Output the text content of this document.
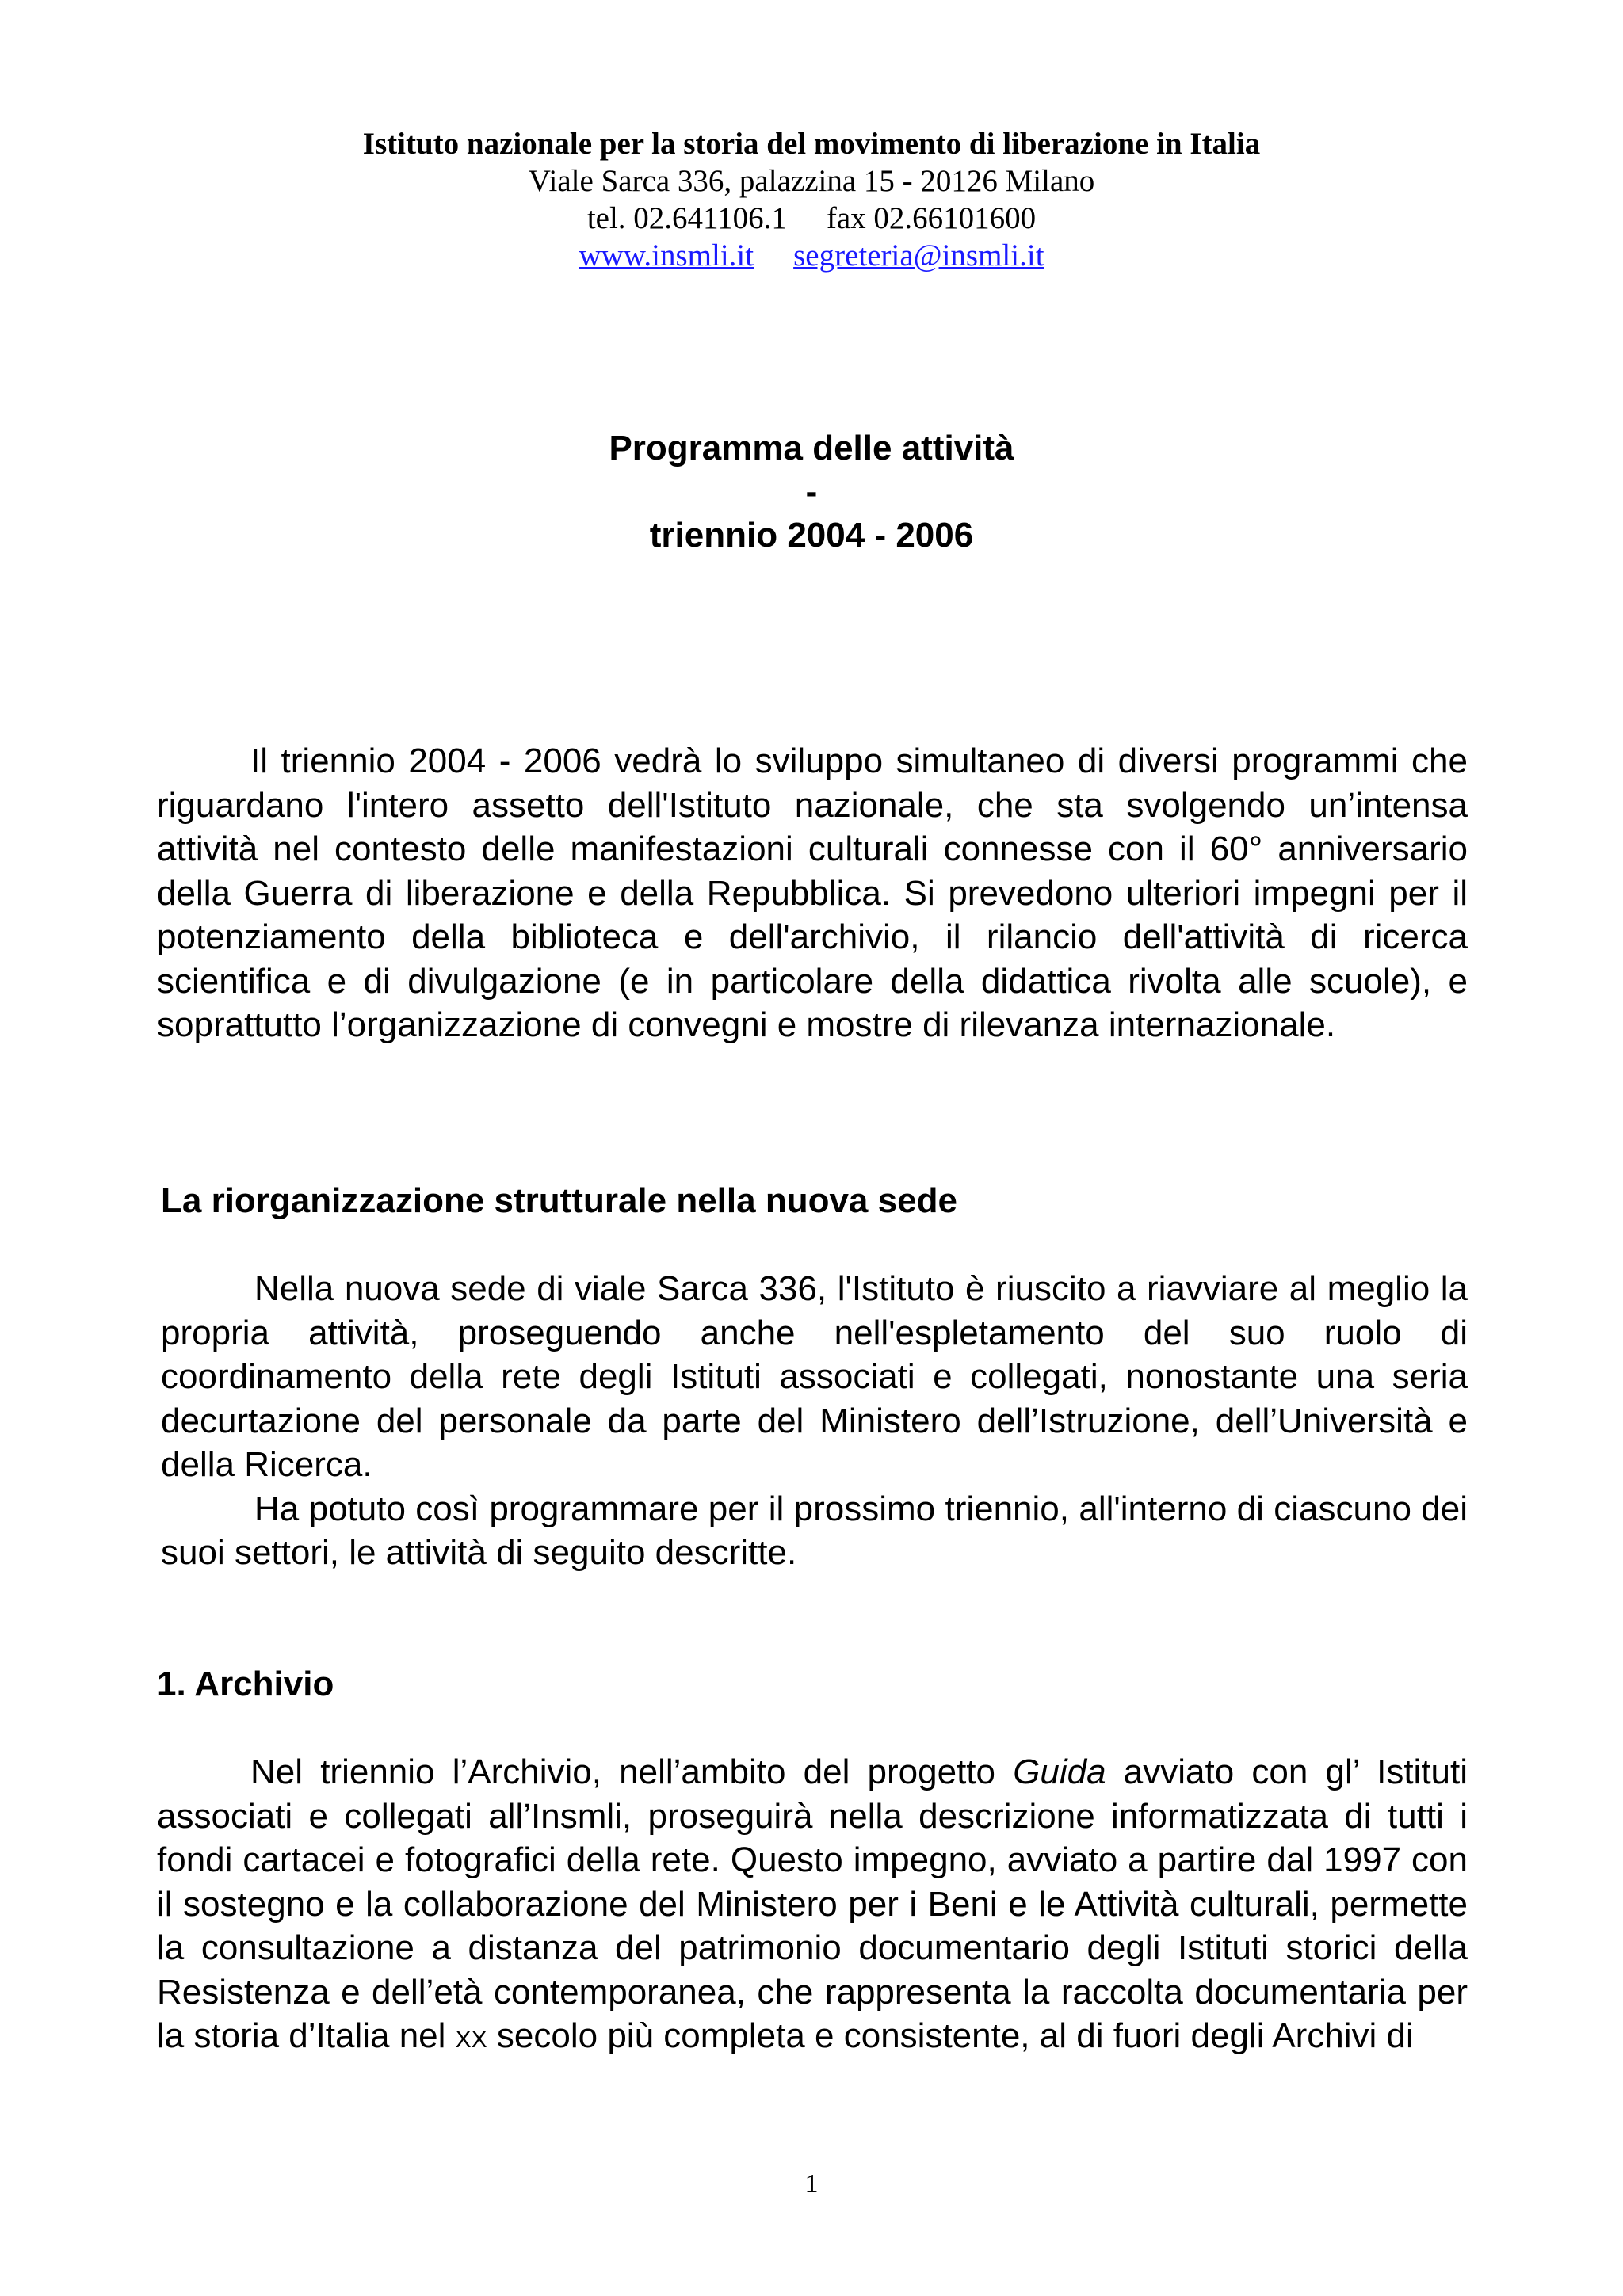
Istituto nazionale per la storia del movimento di liberazione in Italia
Viale Sarca 336, palazzina 15 - 20126 Milano
tel. 02.641106.1 fax 02.66101600
www.insmli.it segreteria@insmli.it
Programma delle attività
-
triennio 2004 - 2006

Il triennio 2004 - 2006 vedrà lo sviluppo simultaneo di diversi programmi che riguardano l'intero assetto dell'Istituto nazionale, che sta svolgendo un’intensa attività nel contesto delle manifestazioni culturali connesse con il 60° anniversario della Guerra di liberazione e della Repubblica. Si prevedono ulteriori impegni per il potenziamento della biblioteca e dell'archivio, il rilancio dell'attività di ricerca scientifica e di divulgazione (e in particolare della didattica rivolta alle scuole), e soprattutto l’organizzazione di convegni e mostre di rilevanza internazionale.

La riorganizzazione strutturale nella nuova sede

Nella nuova sede di viale Sarca 336, l'Istituto è riuscito a riavviare al meglio la propria attività, proseguendo anche nell'espletamento del suo ruolo di coordinamento della rete degli Istituti associati e collegati, nonostante una seria decurtazione del personale da parte del Ministero dell’Istruzione, dell’Università e della Ricerca.

Ha potuto così programmare per il prossimo triennio, all'interno di ciascuno dei suoi settori, le attività di seguito descritte.

1. Archivio

Nel triennio l’Archivio, nell’ambito del progetto Guida avviato con gl’ Istituti associati e collegati all’Insmli, proseguirà nella descrizione informatizzata di tutti i fondi cartacei e fotografici della rete. Questo impegno, avviato a partire dal 1997 con il sostegno e la collaborazione del Ministero per i Beni e le Attività culturali, permette la consultazione a distanza del patrimonio documentario degli Istituti storici della Resistenza e dell’età contemporanea, che rappresenta la raccolta documentaria per la storia d’Italia nel XX secolo più completa e consistente, al di fuori degli Archivi di

1
